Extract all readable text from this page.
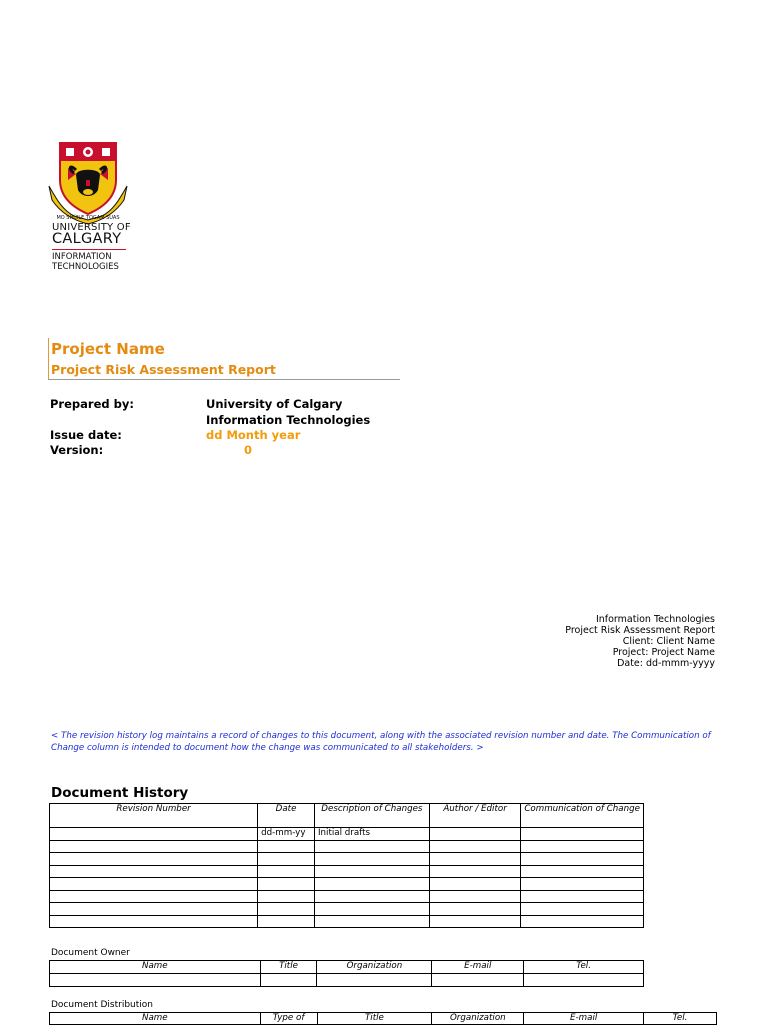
MO SHÙILE TOGAM SUAS
UNIVERSITY OF
CALGARY
INFORMATION
TECHNOLOGIES
Project Name
Project Risk Assessment Report
Prepared by:	University of Calgary
Information Technologies
Issue date:	dd Month year
Version:	0
Information Technologies
Project Risk Assessment Report
Client: Client Name
Project: Project Name
Date: dd-mmm-yyyy
< The revision history log maintains a record of changes to this document, along with the associated revision number and date. The Communication of Change column is intended to document how the change was communicated to all stakeholders. >
Document History
Revision Number	Date	Description of Changes	Author / Editor	Communication of Change
	dd-mm-yy	Initial drafts		

Document Owner
Name	Title	Organization	E-mail	Tel.

Document Distribution
Name	Type of	Title	Organization	E-mail	Tel.
